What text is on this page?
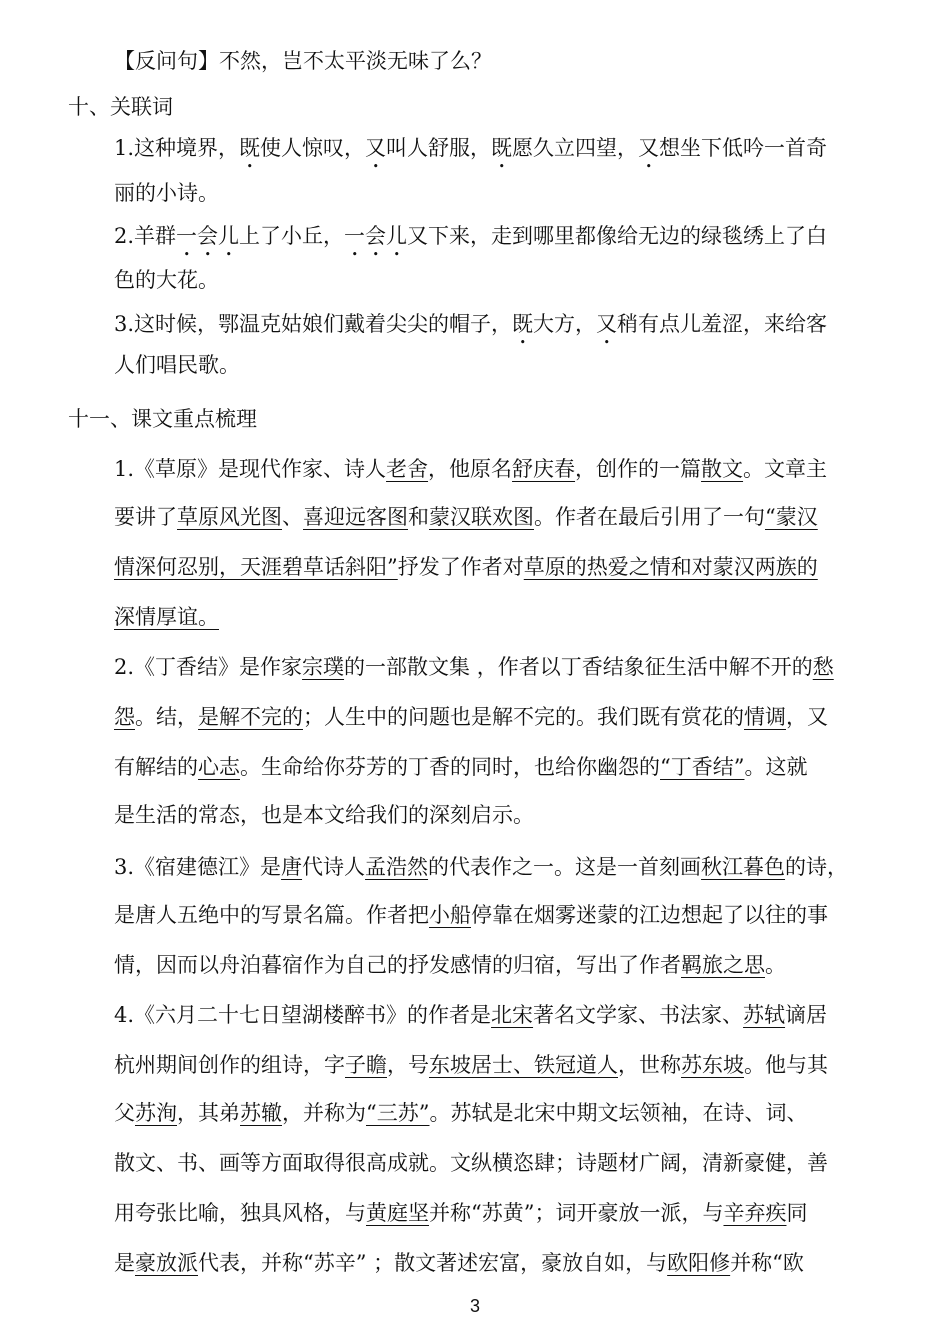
【反问句】不然，岂不太平淡无味了么？
十、关联词
1.这种境界，既使人惊叹，又叫人舒服，既愿久立四望，又想坐下低吟一首奇
丽的小诗。
2.羊群一会儿上了小丘，一会儿又下来，走到哪里都像给无边的绿毯绣上了白
色的大花。
3.这时候，鄂温克姑娘们戴着尖尖的帽子，既大方，又稍有点儿羞涩，来给客
人们唱民歌。
十一、课文重点梳理
1.《草原》是现代作家、诗人老舍，他原名舒庆春，创作的一篇散文。文章主
要讲了草原风光图、喜迎远客图和蒙汉联欢图。作者在最后引用了一句“蒙汉
情深何忍别，天涯碧草话斜阳”抒发了作者对草原的热爱之情和对蒙汉两族的
深情厚谊。
2.《丁香结》是作家宗璞的一部散文集 ，作者以丁香结象征生活中解不开的愁
怨。结，是解不完的；人生中的问题也是解不完的。我们既有赏花的情调，又
有解结的心志。生命给你芬芳的丁香的同时，也给你幽怨的“丁香结”。这就
是生活的常态，也是本文给我们的深刻启示。
3.《宿建德江》是唐代诗人孟浩然的代表作之一。这是一首刻画秋江暮色的诗，
是唐人五绝中的写景名篇。作者把小船停靠在烟雾迷蒙的江边想起了以往的事
情，因而以舟泊暮宿作为自己的抒发感情的归宿，写出了作者羁旅之思。
4.《六月二十七日望湖楼醉书》的作者是北宋著名文学家、书法家、苏轼谪居
杭州期间创作的组诗，字子瞻，号东坡居士、铁冠道人，世称苏东坡。他与其
父苏洵，其弟苏辙，并称为“三苏”。苏轼是北宋中期文坛领袖，在诗、词、
散文、书、画等方面取得很高成就。文纵横恣肆；诗题材广阔，清新豪健，善
用夸张比喻，独具风格，与黄庭坚并称“苏黄”；词开豪放一派，与辛弃疾同
是豪放派代表，并称“苏辛” ；散文著述宏富，豪放自如，与欧阳修并称“欧
3
